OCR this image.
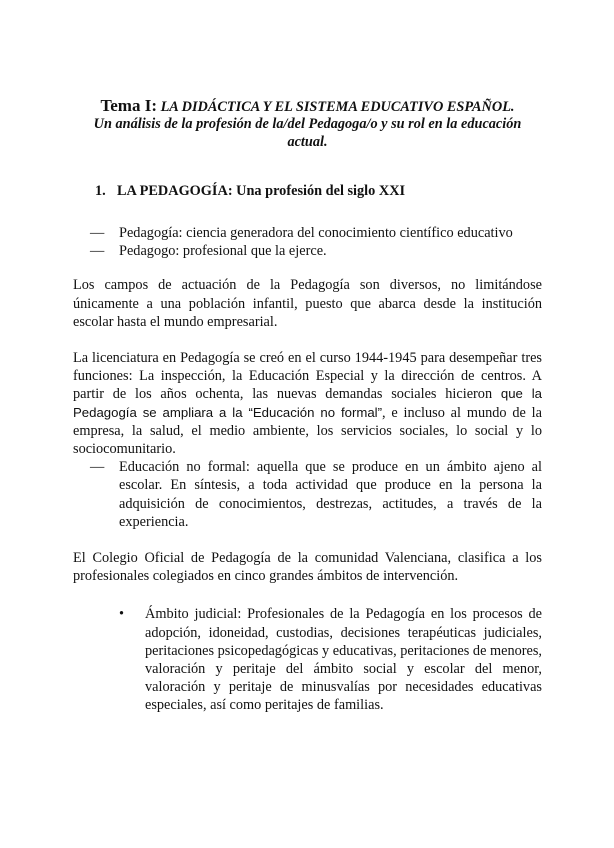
Tema I: LA DIDÁCTICA Y EL SISTEMA EDUCATIVO ESPAÑOL.
Un análisis de la profesión de la/del Pedagoga/o y su rol en la educación actual.
1. LA PEDAGOGÍA: Una profesión del siglo XXI
— Pedagogía: ciencia generadora del conocimiento científico educativo
— Pedagogo: profesional que la ejerce.

Los campos de actuación de la Pedagogía son diversos, no limitándose únicamente a una población infantil, puesto que abarca desde la institución escolar hasta el mundo empresarial.

La licenciatura en Pedagogía se creó en el curso 1944-1945 para desempeñar tres funciones: La inspección, la Educación Especial y la dirección de centros. A partir de los años ochenta, las nuevas demandas sociales hicieron que la Pedagogía se ampliara a la “Educación no formal”, e incluso al mundo de la empresa, la salud, el medio ambiente, los servicios sociales, lo social y lo sociocomunitario.

— Educación no formal: aquella que se produce en un ámbito ajeno al escolar. En síntesis, a toda actividad que produce en la persona la adquisición de conocimientos, destrezas, actitudes, a través de la experiencia.

El Colegio Oficial de Pedagogía de la comunidad Valenciana, clasifica a los profesionales colegiados en cinco grandes ámbitos de intervención.

• Ámbito judicial: Profesionales de la Pedagogía en los procesos de adopción, idoneidad, custodias, decisiones terapéuticas judiciales, peritaciones psicopedagógicas y educativas, peritaciones de menores, valoración y peritaje del ámbito social y escolar del menor, valoración y peritaje de minusvalías por necesidades educativas especiales, así como peritajes de familias.
